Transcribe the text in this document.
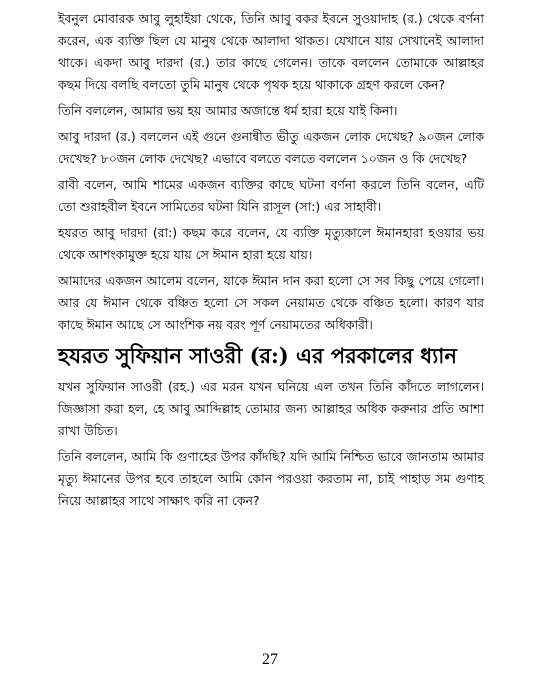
ইবনুল মোবারক আবু লুহাইয়া থেকে, তিনি আবু বকর ইবনে সুওয়াদাহ (র.) থেকে বর্ণনা করেন, এক ব্যক্তি ছিল যে মানুষ থেকে আলাদা থাকত। যেখানে যায় সেখানেই আলাদা থাকে। একদা আবু দারদা (র.) তার কাছে গেলেন। তাকে বললেন তোমাকে আল্লাহর কছম দিয়ে বলছি বলতো তুমি মানুষ থেকে পৃথক হয়ে থাকাকে গ্রহণ করলে কেন?

তিনি বললেন, আমার ভয় হয় আমার অজান্তে ধর্ম হারা হয়ে যাই কিনা।

আবু দারদা (র.) বললেন এই গুনে গুনান্বীত ভীতু একজন লোক দেখেছ? ৯০জন লোক দেখেছ? ৮০জন লোক দেখেছ? এভাবে বলতে বলতে বললেন ১০জন ও কি দেখেছ?

রাবী বলেন, আমি শামের একজন ব্যক্তির কাছে ঘটনা বর্ণনা করলে তিনি বলেন, এটি তো শুরাহবীল ইবনে সামিতের ঘটনা যিনি রাসূল (সা:) এর সাহাবী।

হযরত আবু দারদা (রা:) কছম করে বলেন, যে ব্যক্তি মৃত্যুকালে ঈমানহারা হওয়ার ভয় থেকে আশংকামুক্ত হয়ে যায় সে ঈমান হারা হয়ে যায়।

আমাদের একজন আলেম বলেন, যাকে ঈমান দান করা হলো সে সব কিছু পেয়ে গেলো। আর যে ঈমান থেকে বঞ্চিত হলো সে সকল নেয়ামত থেকে বঞ্চিত হলো। কারণ যার কাছে ঈমান আছে সে আংশিক নয় বরং পূর্ণ নেয়ামতের অধিকারী।

হযরত সুফিয়ান সাওরী (র:) এর পরকালের ধ্যান

যখন সুফিয়ান সাওরী (রহ.) এর মরন যখন ঘনিয়ে এল তখন তিনি কাঁদতে লাগলেন। জিজ্ঞাসা করা হল, হে আবু আব্দিল্লাহ তোমার জন্য আল্লাহর অধিক করুনার প্রতি আশা রাখা উচিত।

তিনি বললেন, আমি কি গুণাহের উপর কাঁদছি? যদি আমি নিশ্চিত ভাবে জানতাম আমার মৃত্যু ঈমানের উপর হবে তাহলে আমি কোন পরওয়া করতাম না, চাই পাহাড় সম গুণাহ নিয়ে আল্লাহর সাথে সাক্ষাৎ করি না কেন?

27
